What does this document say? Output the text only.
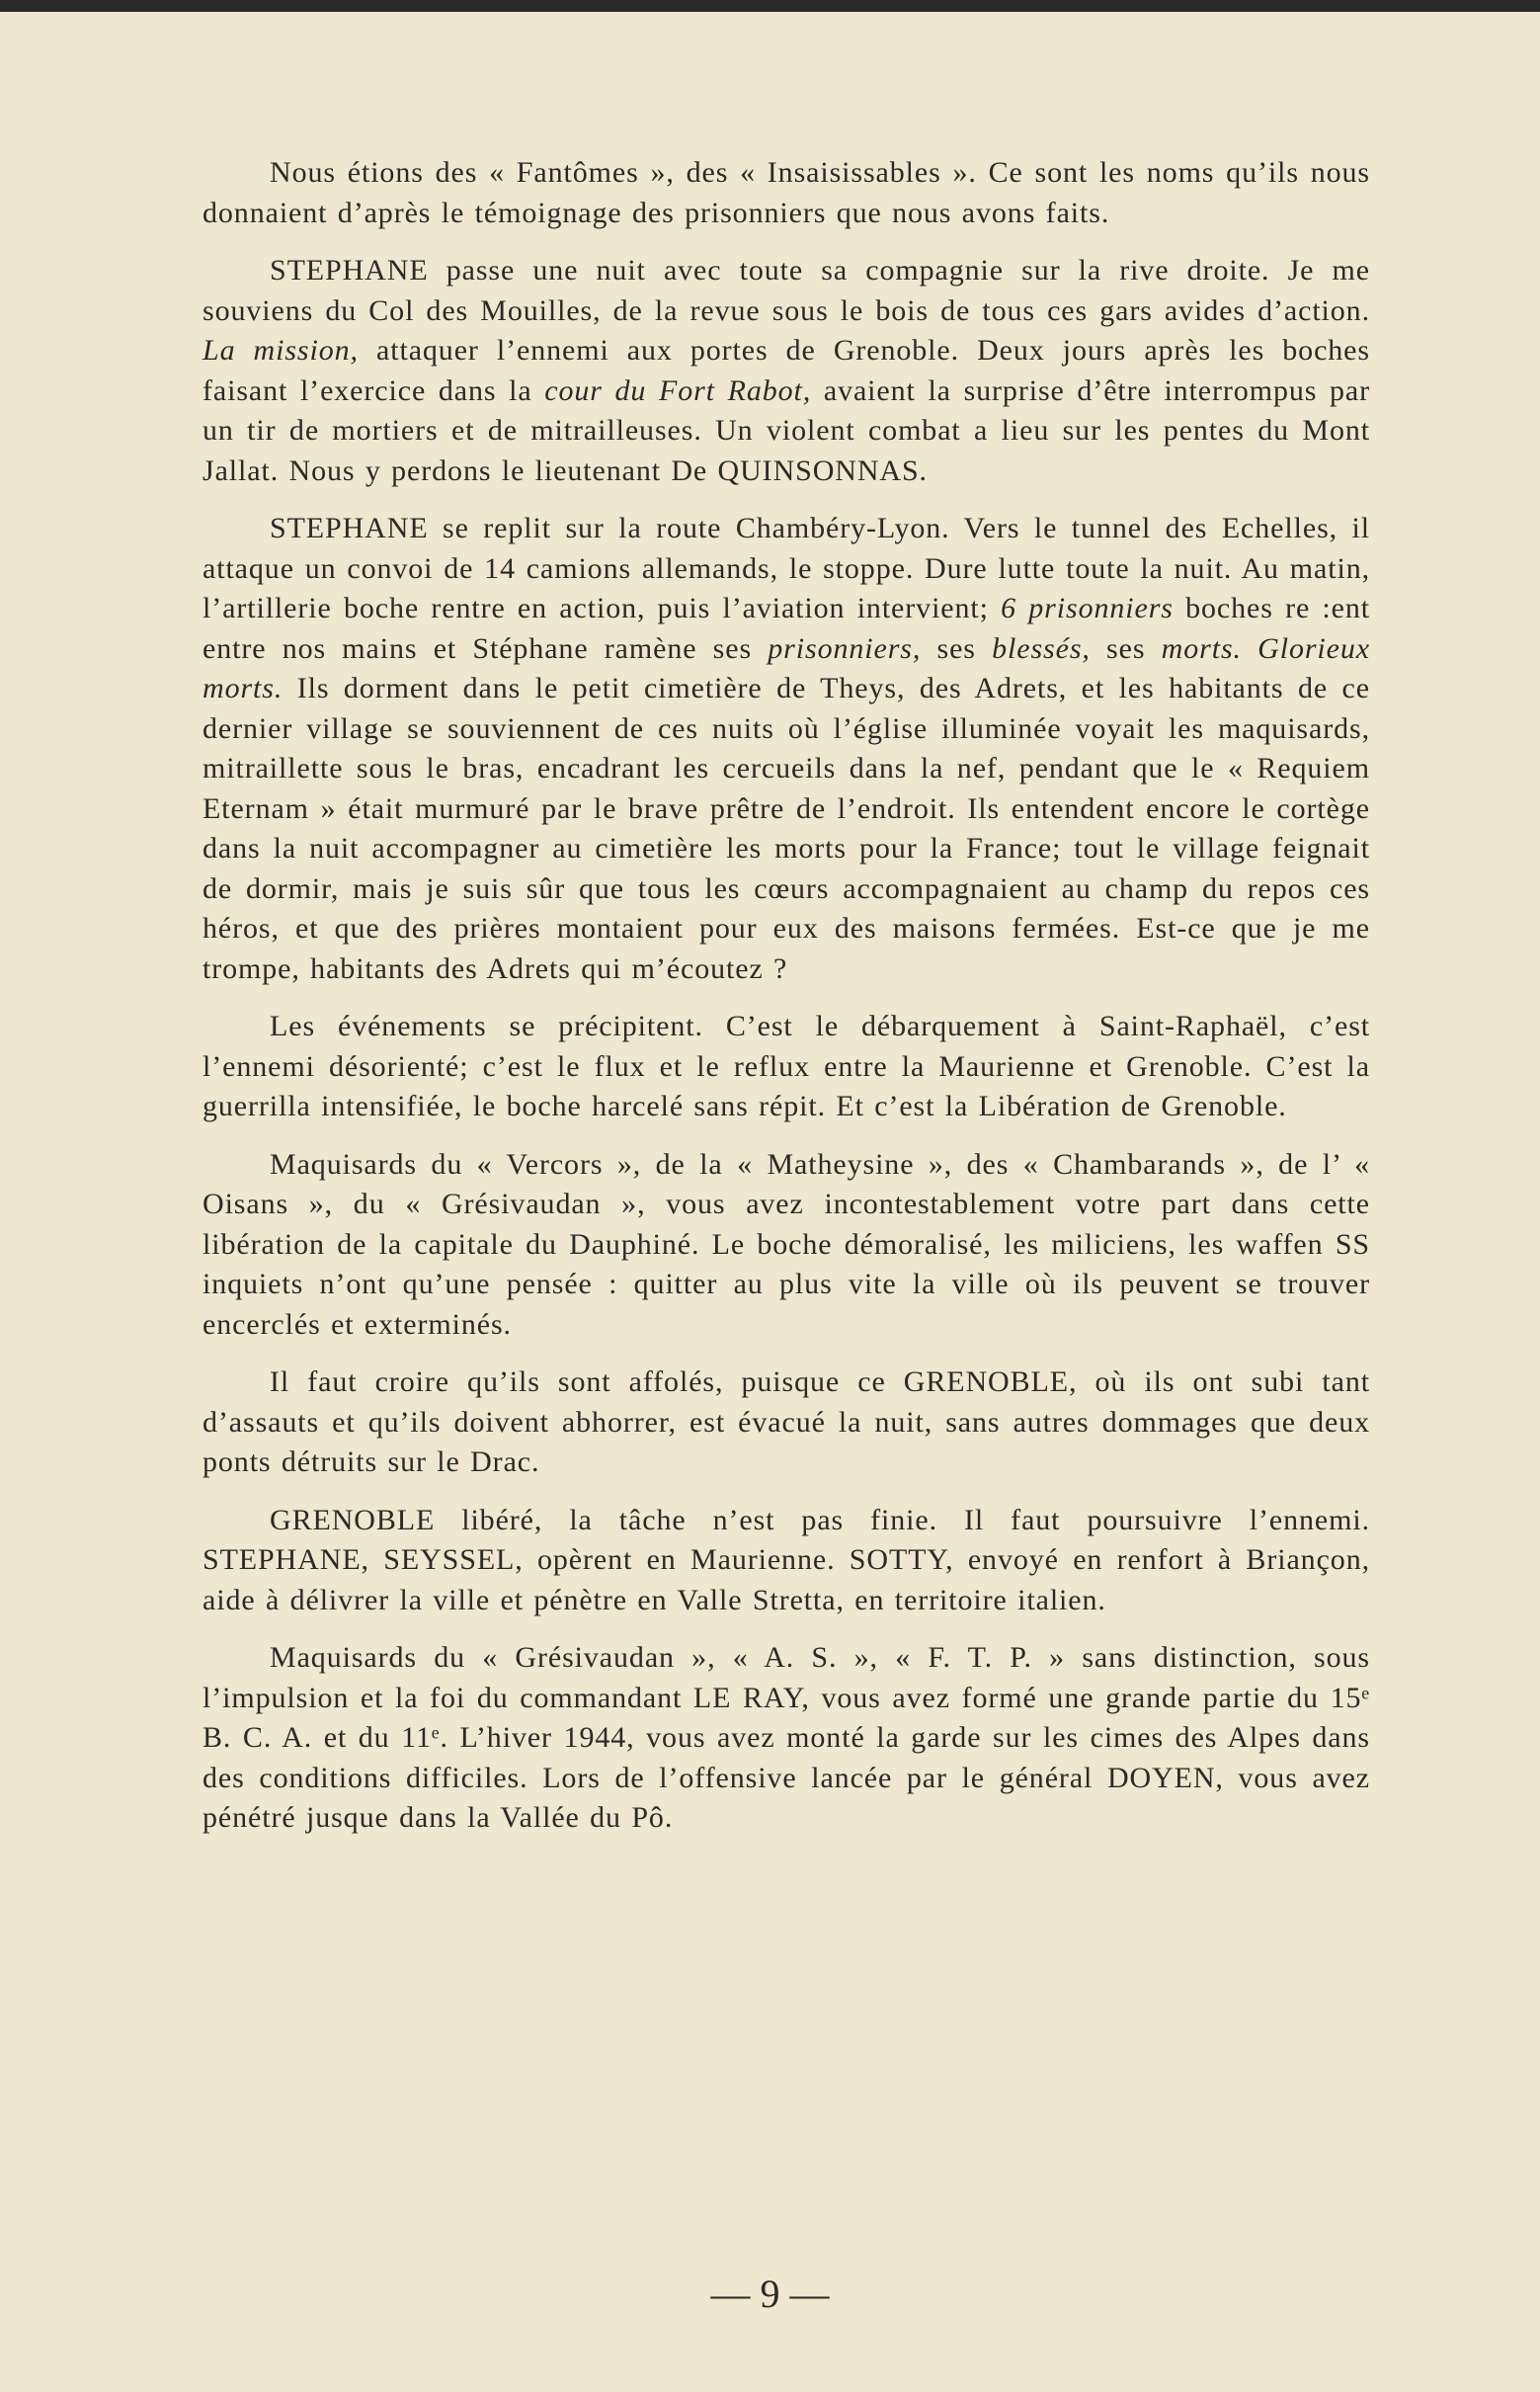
Nous étions des « Fantômes », des « Insaisissables ». Ce sont les noms qu’ils nous donnaient d’après le témoignage des prisonniers que nous avons faits.

STEPHANE passe une nuit avec toute sa compagnie sur la rive droite. Je me souviens du Col des Mouilles, de la revue sous le bois de tous ces gars avides d’action. La mission, attaquer l’ennemi aux portes de Grenoble. Deux jours après les boches faisant l’exercice dans la cour du Fort Rabot, avaient la surprise d’être interrompus par un tir de mortiers et de mitrailleuses. Un violent combat a lieu sur les pentes du Mont Jallat. Nous y perdons le lieutenant De QUINSONNAS.

STEPHANE se replit sur la route Chambéry-Lyon. Vers le tunnel des Echelles, il attaque un convoi de 14 camions allemands, le stoppe. Dure lutte toute la nuit. Au matin, l’artillerie boche rentre en action, puis l’aviation intervient; 6 prisonniers boches re :ent entre nos mains et Stéphane ramène ses prisonniers, ses blessés, ses morts. Glorieux morts. Ils dorment dans le petit cimetière de Theys, des Adrets, et les habitants de ce dernier village se souviennent de ces nuits où l’église illuminée voyait les maquisards, mitraillette sous le bras, encadrant les cercueils dans la nef, pendant que le « Requiem Eternam » était murmuré par le brave prêtre de l’endroit. Ils entendent encore le cortège dans la nuit accompagner au cimetière les morts pour la France; tout le village feignait de dormir, mais je suis sûr que tous les cœurs accompagnaient au champ du repos ces héros, et que des prières montaient pour eux des maisons fermées. Est-ce que je me trompe, habitants des Adrets qui m’écoutez ?

Les événements se précipitent. C’est le débarquement à Saint-Raphaël, c’est l’ennemi désorienté; c’est le flux et le reflux entre la Maurienne et Grenoble. C’est la guerrilla intensifiée, le boche harcelé sans répit. Et c’est la Libération de Grenoble.

Maquisards du « Vercors », de la « Matheysine », des « Chambarands », de l’ « Oisans », du « Grésivaudan », vous avez incontestablement votre part dans cette libération de la capitale du Dauphiné. Le boche démoralisé, les miliciens, les waffen SS inquiets n’ont qu’une pensée : quitter au plus vite la ville où ils peuvent se trouver encerclés et exterminés.

Il faut croire qu’ils sont affolés, puisque ce GRENOBLE, où ils ont subi tant d’assauts et qu’ils doivent abhorrer, est évacué la nuit, sans autres dommages que deux ponts détruits sur le Drac.

GRENOBLE libéré, la tâche n’est pas finie. Il faut poursuivre l’ennemi. STEPHANE, SEYSSEL, opèrent en Maurienne. SOTTY, envoyé en renfort à Briançon, aide à délivrer la ville et pénètre en Valle Stretta, en territoire italien.

Maquisards du « Grésivaudan », « A. S. », « F. T. P. » sans distinction, sous l’impulsion et la foi du commandant LE RAY, vous avez formé une grande partie du 15ᵉ B. C. A. et du 11ᵉ. L’hiver 1944, vous avez monté la garde sur les cimes des Alpes dans des conditions difficiles. Lors de l’offensive lancée par le général DOYEN, vous avez pénétré jusque dans la Vallée du Pô.

— 9 —
